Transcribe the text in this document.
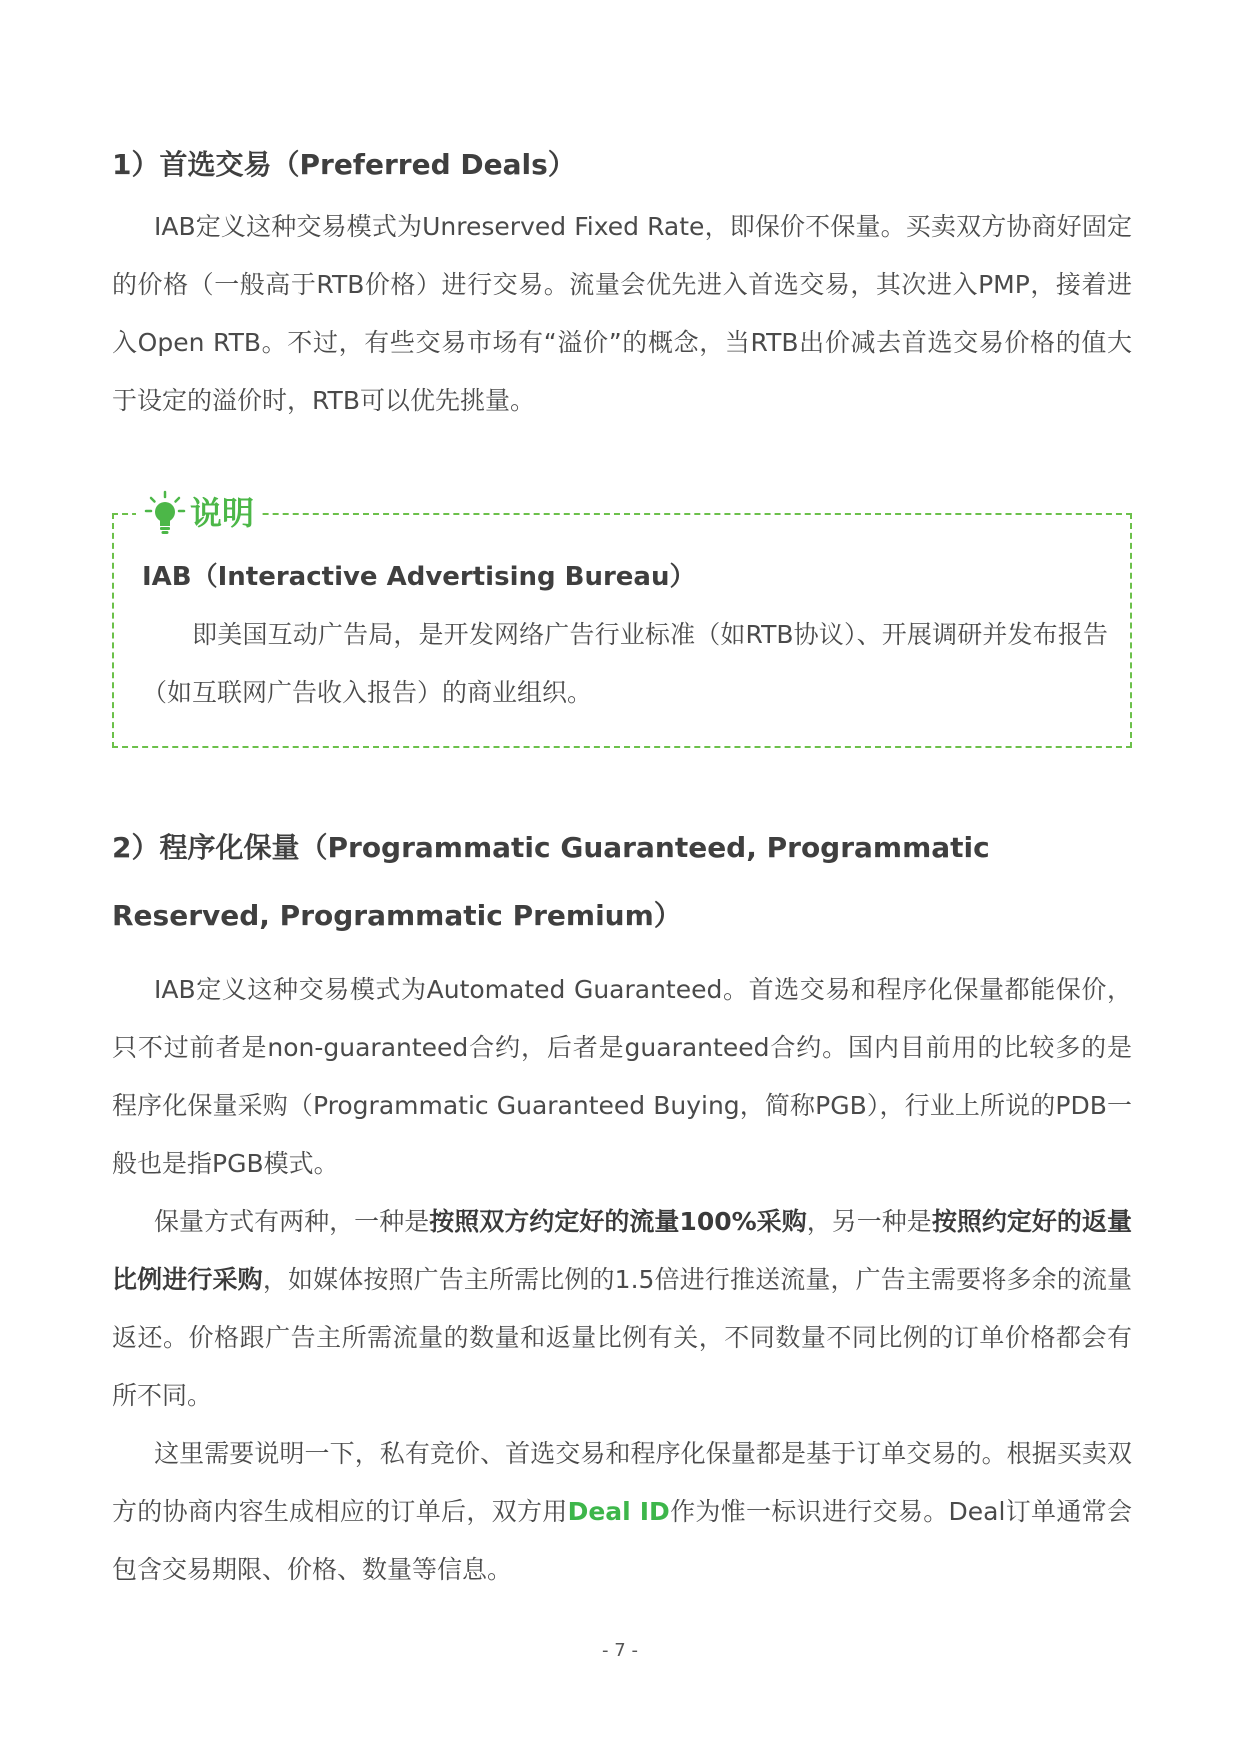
1）首选交易（Preferred Deals）

IAB定义这种交易模式为Unreserved Fixed Rate，即保价不保量。买卖双方协商好固定的价格（一般高于RTB价格）进行交易。流量会优先进入首选交易，其次进入PMP，接着进入Open RTB。不过，有些交易市场有“溢价”的概念，当RTB出价减去首选交易价格的值大于设定的溢价时，RTB可以优先挑量。

说明

IAB（Interactive Advertising Bureau）

即美国互动广告局，是开发网络广告行业标准（如RTB协议）、开展调研并发布报告（如互联网广告收入报告）的商业组织。

2）程序化保量（Programmatic Guaranteed, Programmatic Reserved, Programmatic Premium）

IAB定义这种交易模式为Automated Guaranteed。首选交易和程序化保量都能保价，只不过前者是non-guaranteed合约，后者是guaranteed合约。国内目前用的比较多的是程序化保量采购（Programmatic Guaranteed Buying，简称PGB），行业上所说的PDB一般也是指PGB模式。

保量方式有两种，一种是按照双方约定好的流量100%采购，另一种是按照约定好的返量比例进行采购，如媒体按照广告主所需比例的1.5倍进行推送流量，广告主需要将多余的流量返还。价格跟广告主所需流量的数量和返量比例有关，不同数量不同比例的订单价格都会有所不同。

这里需要说明一下，私有竞价、首选交易和程序化保量都是基于订单交易的。根据买卖双方的协商内容生成相应的订单后，双方用Deal ID作为惟一标识进行交易。Deal订单通常会包含交易期限、价格、数量等信息。

- 7 -
